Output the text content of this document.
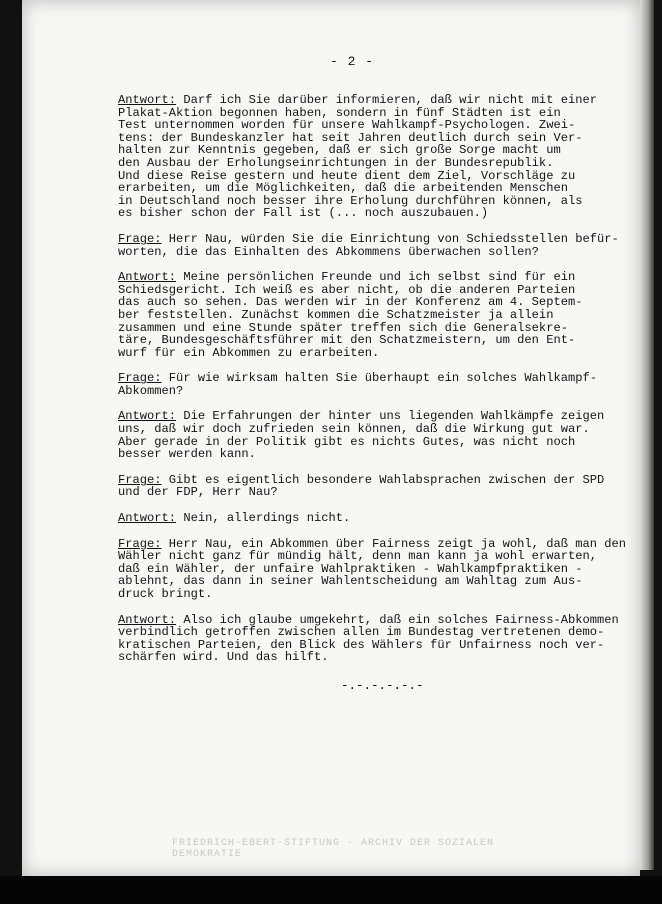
- 2 -

Antwort: Darf ich Sie darüber informieren, daß wir nicht mit einer
Plakat-Aktion begonnen haben, sondern in fünf Städten ist ein
Test unternommen worden für unsere Wahlkampf-Psychologen. Zwei-
tens: der Bundeskanzler hat seit Jahren deutlich durch sein Ver-
halten zur Kenntnis gegeben, daß er sich große Sorge macht um
den Ausbau der Erholungseinrichtungen in der Bundesrepublik.
Und diese Reise gestern und heute dient dem Ziel, Vorschläge zu
erarbeiten, um die Möglichkeiten, daß die arbeitenden Menschen
in Deutschland noch besser ihre Erholung durchführen können, als
es bisher schon der Fall ist (... noch auszubauen.)

Frage: Herr Nau, würden Sie die Einrichtung von Schiedsstellen befür-
worten, die das Einhalten des Abkommens überwachen sollen?

Antwort: Meine persönlichen Freunde und ich selbst sind für ein
Schiedsgericht. Ich weiß es aber nicht, ob die anderen Parteien
das auch so sehen. Das werden wir in der Konferenz am 4. Septem-
ber feststellen. Zunächst kommen die Schatzmeister ja allein
zusammen und eine Stunde später treffen sich die Generalsekre-
täre, Bundesgeschäftsführer mit den Schatzmeistern, um den Ent-
wurf für ein Abkommen zu erarbeiten.

Frage: Für wie wirksam halten Sie überhaupt ein solches Wahlkampf-
Abkommen?

Antwort: Die Erfahrungen der hinter uns liegenden Wahlkämpfe zeigen
uns, daß wir doch zufrieden sein können, daß die Wirkung gut war.
Aber gerade in der Politik gibt es nichts Gutes, was nicht noch
besser werden kann.

Frage: Gibt es eigentlich besondere Wahlabsprachen zwischen der SPD
und der FDP, Herr Nau?

Antwort: Nein, allerdings nicht.

Frage: Herr Nau, ein Abkommen über Fairness zeigt ja wohl, daß man den
Wähler nicht ganz für mündig hält, denn man kann ja wohl erwarten,
daß ein Wähler, der unfaire Wahlpraktiken - Wahlkampfpraktiken -
ablehnt, das dann in seiner Wahlentscheidung am Wahltag zum Aus-
druck bringt.

Antwort: Also ich glaube umgekehrt, daß ein solches Fairness-Abkommen
verbindlich getroffen zwischen allen im Bundestag vertretenen demo-
kratischen Parteien, den Blick des Wählers für Unfairness noch ver-
schärfen wird. Und das hilft.

-.-.-.-.-.-
FRIEDRICH-EBERT-STIFTUNG · ARCHIV DER SOZIALEN DEMOKRATIE
